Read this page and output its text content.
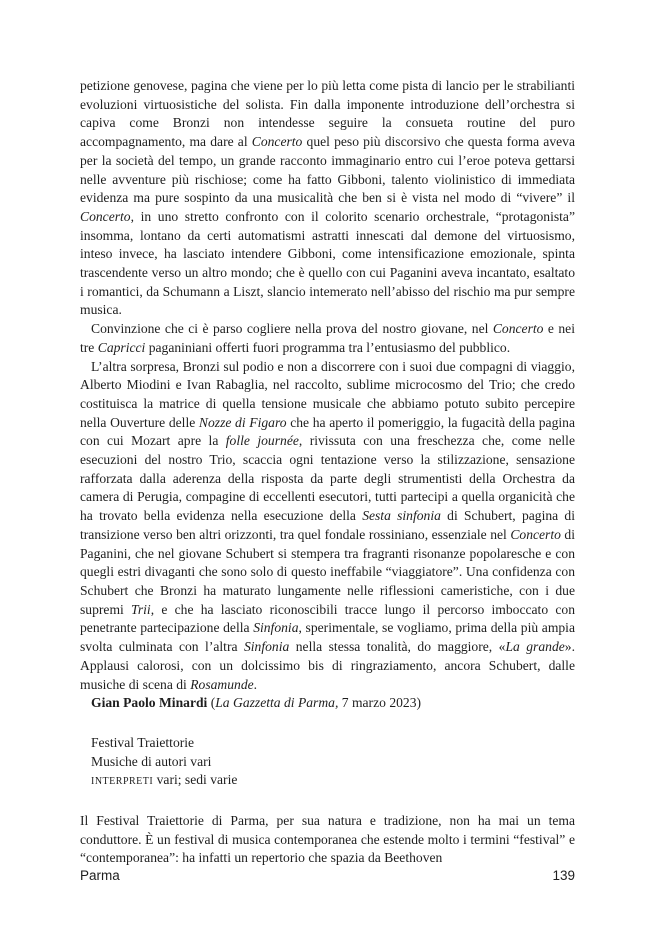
petizione genovese, pagina che viene per lo più letta come pista di lancio per le strabilianti evoluzioni virtuosistiche del solista. Fin dalla imponente introduzione dell’orchestra si capiva come Bronzi non intendesse seguire la consueta routine del puro accompagnamento, ma dare al Concerto quel peso più discorsivo che questa forma aveva per la società del tempo, un grande racconto immaginario entro cui l’eroe poteva gettarsi nelle avventure più rischiose; come ha fatto Gibboni, talento violinistico di immediata evidenza ma pure sospinto da una musicalità che ben si è vista nel modo di “vivere” il Concerto, in uno stretto confronto con il colorito scenario orchestrale, “protagonista” insomma, lontano da certi automatismi astratti innescati dal demone del virtuosismo, inteso invece, ha lasciato intendere Gibboni, come intensificazione emozionale, spinta trascendente verso un altro mondo; che è quello con cui Paganini aveva incantato, esaltato i romantici, da Schumann a Liszt, slancio intemerato nell’abisso del rischio ma pur sempre musica.

Convinzione che ci è parso cogliere nella prova del nostro giovane, nel Concerto e nei tre Capricci paganiniani offerti fuori programma tra l’entusiasmo del pubblico.

L’altra sorpresa, Bronzi sul podio e non a discorrere con i suoi due compagni di viaggio, Alberto Miodini e Ivan Rabaglia, nel raccolto, sublime microcosmo del Trio; che credo costituisca la matrice di quella tensione musicale che abbiamo potuto subito percepire nella Ouverture delle Nozze di Figaro che ha aperto il pomeriggio, la fugacità della pagina con cui Mozart apre la folle journée, rivissuta con una freschezza che, come nelle esecuzioni del nostro Trio, scaccia ogni tentazione verso la stilizzazione, sensazione rafforzata dalla aderenza della risposta da parte degli strumentisti della Orchestra da camera di Perugia, compagine di eccellenti esecutori, tutti partecipi a quella organicità che ha trovato bella evidenza nella esecuzione della Sesta sinfonia di Schubert, pagina di transizione verso ben altri orizzonti, tra quel fondale rossiniano, essenziale nel Concerto di Paganini, che nel giovane Schubert si stempera tra fragranti risonanze popolaresche e con quegli estri divaganti che sono solo di questo ineffabile “viaggiatore”. Una confidenza con Schubert che Bronzi ha maturato lungamente nelle riflessioni cameristiche, con i due supremi Trii, e che ha lasciato riconoscibili tracce lungo il percorso imboccato con penetrante partecipazione della Sinfonia, sperimentale, se vogliamo, prima della più ampia svolta culminata con l’altra Sinfonia nella stessa tonalità, do maggiore, «La grande». Applausi calorosi, con un dolcissimo bis di ringraziamento, ancora Schubert, dalle musiche di scena di Rosamunde.

Gian Paolo Minardi (La Gazzetta di Parma, 7 marzo 2023)

Festival Traiettorie

Musiche di autori vari

interpreti vari; sedi varie

Il Festival Traiettorie di Parma, per sua natura e tradizione, non ha mai un tema conduttore. È un festival di musica contemporanea che estende molto i termini “festival” e “contemporanea”: ha infatti un repertorio che spazia da Beethoven

Parma	139
